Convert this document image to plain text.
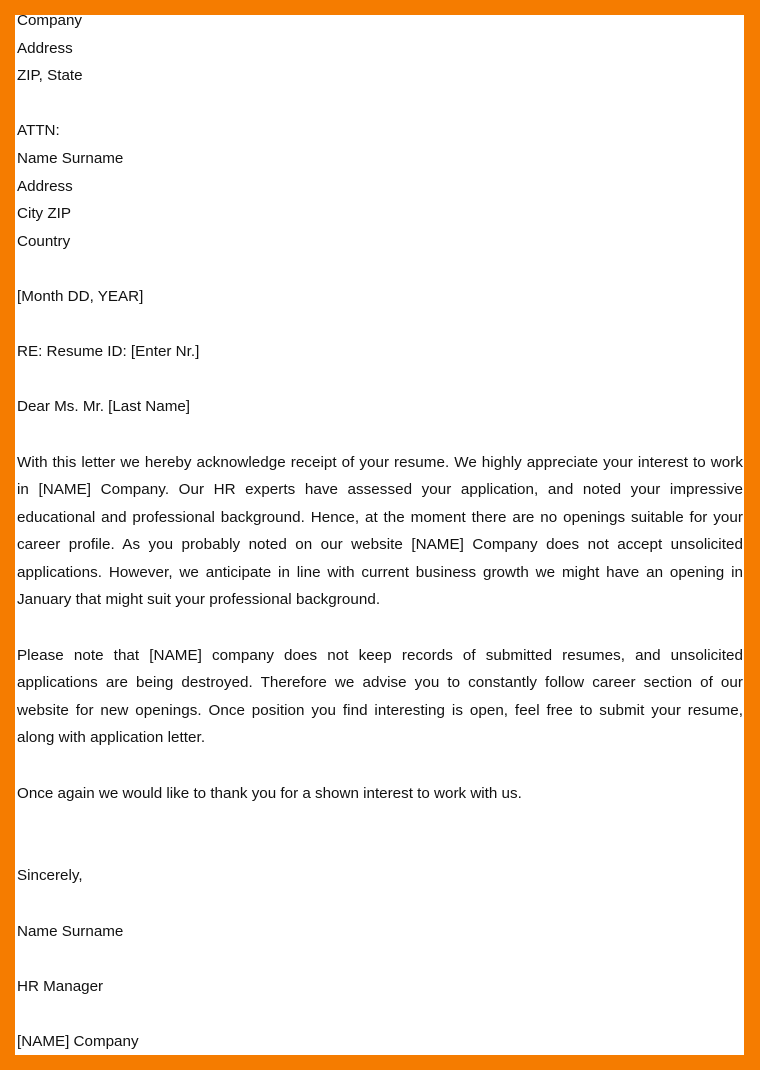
Company

Address

ZIP, State

ATTN:

Name Surname

Address

City ZIP

Country

[Month DD, YEAR]

RE: Resume ID: [Enter Nr.]

Dear Ms. Mr. [Last Name]

With this letter we hereby acknowledge receipt of your resume. We highly appreciate your interest to work in [NAME] Company. Our HR experts have assessed your application, and noted your impressive educational and professional background. Hence, at the moment there are no openings suitable for your career profile. As you probably noted on our website [NAME] Company does not accept unsolicited applications. However, we anticipate in line with current business growth we might have an opening in January that might suit your professional background.

Please note that [NAME] company does not keep records of submitted resumes, and unsolicited applications are being destroyed. Therefore we advise you to constantly follow career section of our website for new openings. Once position you find interesting is open, feel free to submit your resume, along with application letter.

Once again we would like to thank you for a shown interest to work with us.

Sincerely,

Name Surname

HR Manager

[NAME] Company
